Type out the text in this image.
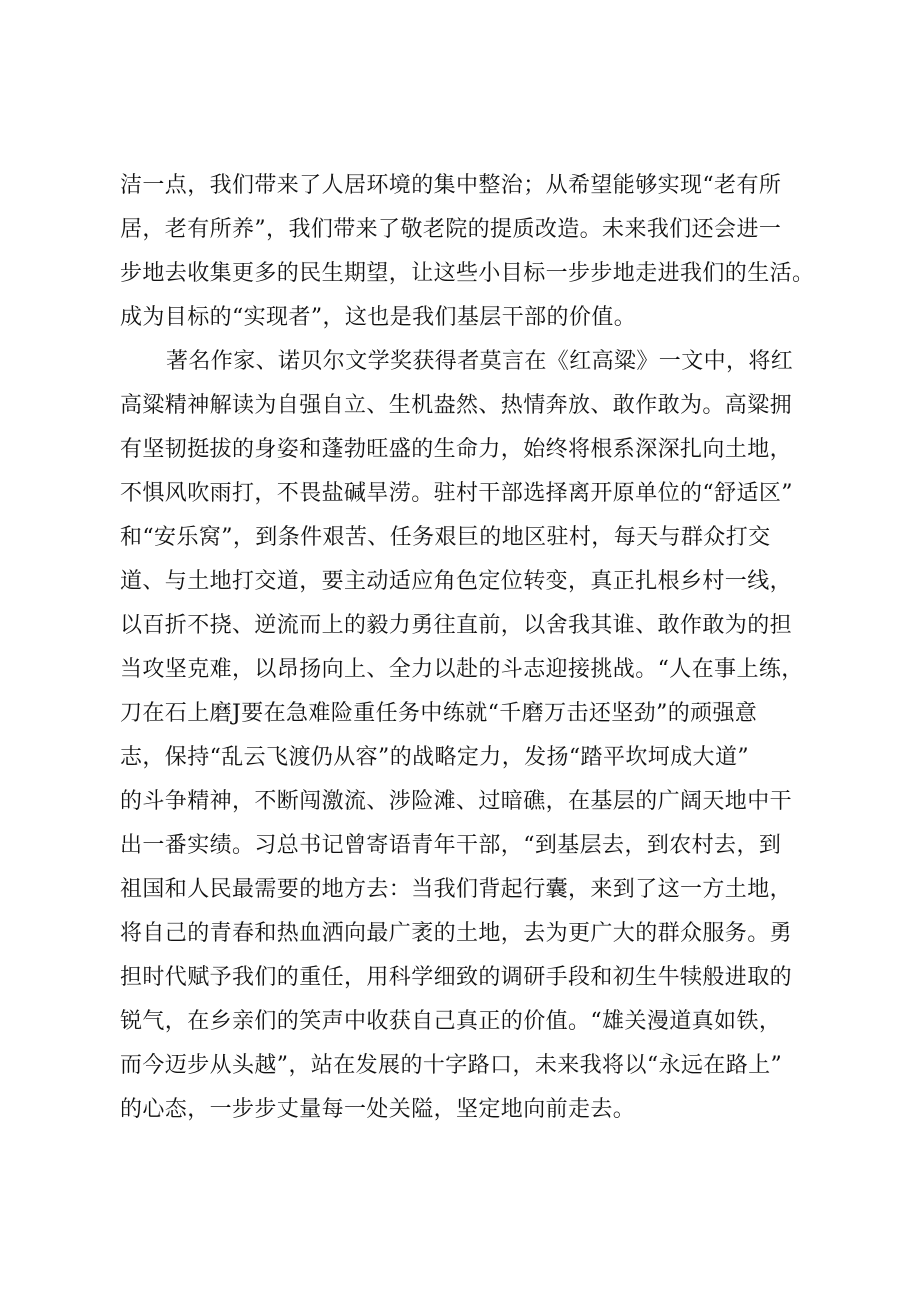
洁一点，我们带来了人居环境的集中整治；从希望能够实现“老有所
居，老有所养”，我们带来了敬老院的提质改造。未来我们还会进一
步地去收集更多的民生期望，让这些小目标一步步地走进我们的生活。
成为目标的“实现者”，这也是我们基层干部的价值。
著名作家、诺贝尔文学奖获得者莫言在《红高粱》一文中，将红
高粱精神解读为自强自立、生机盎然、热情奔放、敢作敢为。高粱拥
有坚韧挺拔的身姿和蓬勃旺盛的生命力，始终将根系深深扎向土地，
不惧风吹雨打，不畏盐碱旱涝。驻村干部选择离开原单位的“舒适区”
和“安乐窝”，到条件艰苦、任务艰巨的地区驻村，每天与群众打交
道、与土地打交道，要主动适应角色定位转变，真正扎根乡村一线，
以百折不挠、逆流而上的毅力勇往直前，以舍我其谁、敢作敢为的担
当攻坚克难，以昂扬向上、全力以赴的斗志迎接挑战。“人在事上练，
刀在石上磨J要在急难险重任务中练就“千磨万击还坚劲”的顽强意
志，保持“乱云飞渡仍从容”的战略定力，发扬“踏平坎坷成大道”
的斗争精神，不断闯激流、涉险滩、过暗礁，在基层的广阔天地中干
出一番实绩。习总书记曾寄语青年干部，“到基层去，到农村去，到
祖国和人民最需要的地方去：当我们背起行囊，来到了这一方土地，
将自己的青春和热血洒向最广袤的土地，去为更广大的群众服务。勇
担时代赋予我们的重任，用科学细致的调研手段和初生牛犊般进取的
锐气，在乡亲们的笑声中收获自己真正的价值。“雄关漫道真如铁，
而今迈步从头越”，站在发展的十字路口，未来我将以“永远在路上”
的心态，一步步丈量每一处关隘，坚定地向前走去。
